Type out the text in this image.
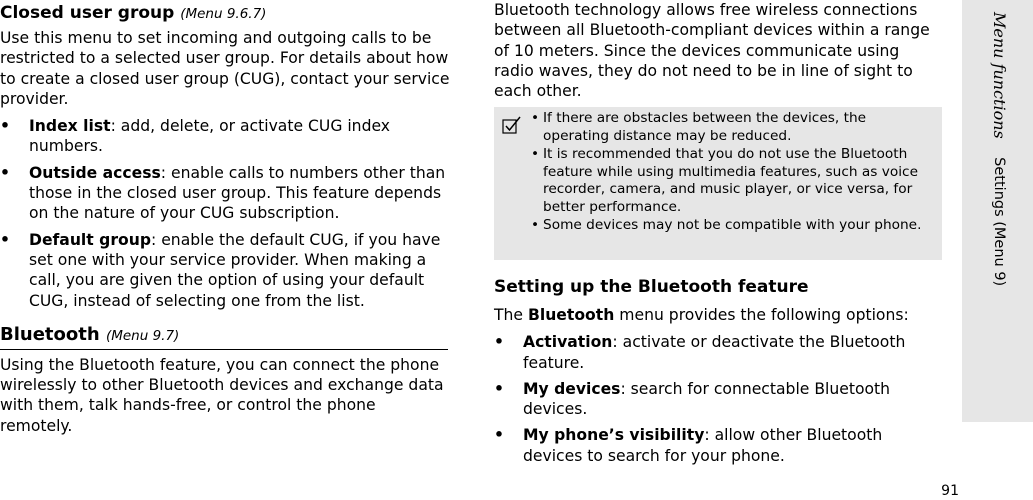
Closed user group (Menu 9.6.7)

Use this menu to set incoming and outgoing calls to be restricted to a selected user group. For details about how to create a closed user group (CUG), contact your service provider.

• Index list: add, delete, or activate CUG index numbers.
• Outside access: enable calls to numbers other than those in the closed user group. This feature depends on the nature of your CUG subscription.
• Default group: enable the default CUG, if you have set one with your service provider. When making a call, you are given the option of using your default CUG, instead of selecting one from the list.
Bluetooth (Menu 9.7)

Using the Bluetooth feature, you can connect the phone wirelessly to other Bluetooth devices and exchange data with them, talk hands-free, or control the phone remotely.

Bluetooth technology allows free wireless connections between all Bluetooth-compliant devices within a range of 10 meters. Since the devices communicate using radio waves, they do not need to be in line of sight to each other.

• If there are obstacles between the devices, the operating distance may be reduced.
• It is recommended that you do not use the Bluetooth feature while using multimedia features, such as voice recorder, camera, and music player, or vice versa, for better performance.
• Some devices may not be compatible with your phone.
Setting up the Bluetooth feature

The Bluetooth menu provides the following options:

• Activation: activate or deactivate the Bluetooth feature.
• My devices: search for connectable Bluetooth devices.
• My phone’s visibility: allow other Bluetooth devices to search for your phone.
Menu functions    Settings (Menu 9)
91
